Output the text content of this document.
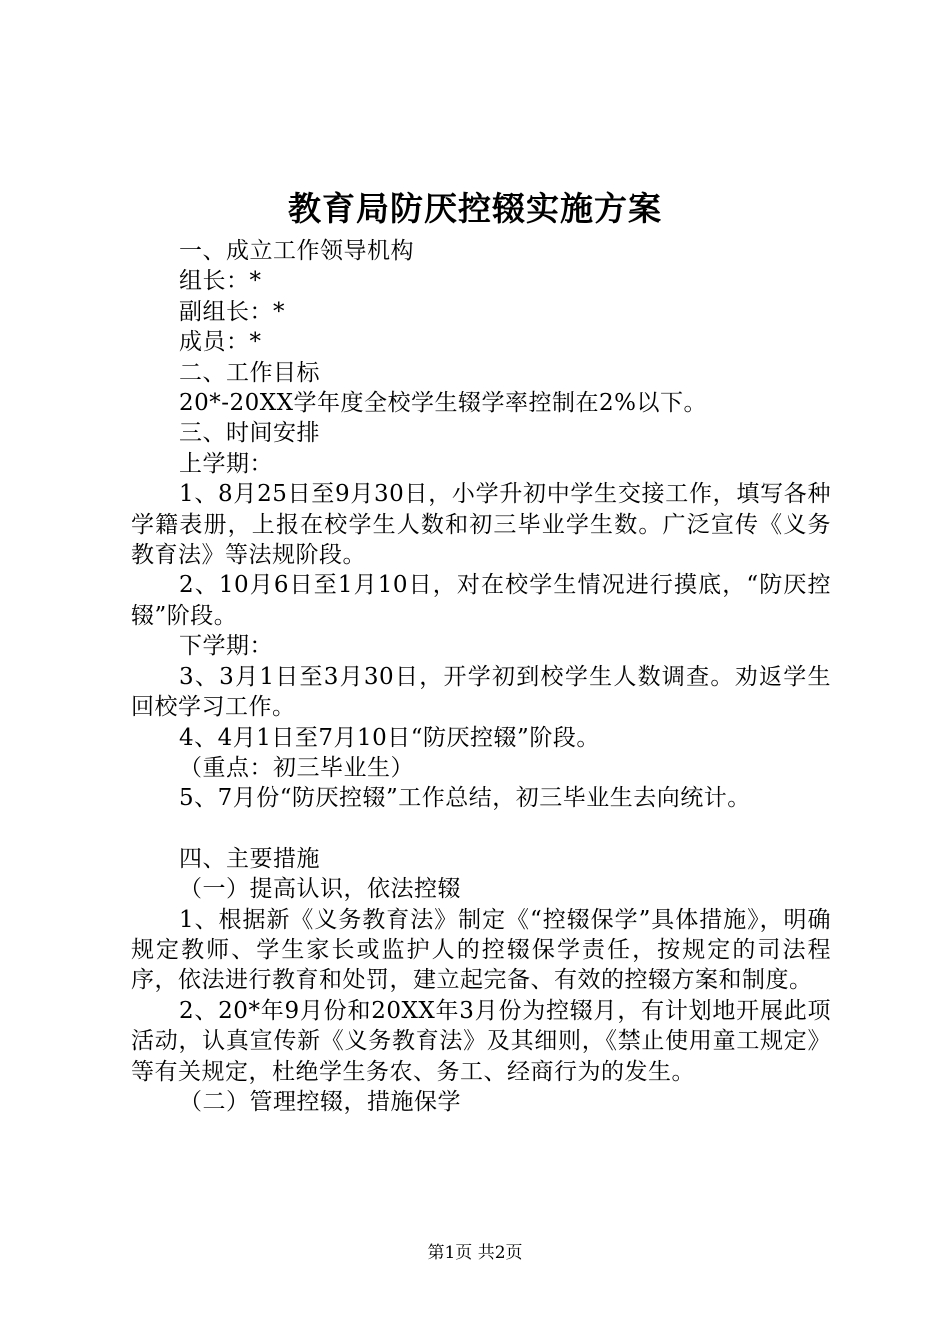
教育局防厌控辍实施方案

一、成立工作领导机构

组长：*

副组长：*

成员：*

二、工作目标

20*-20XX学年度全校学生辍学率控制在2%以下。

三、时间安排

上学期：

1、8月25日至9月30日，小学升初中学生交接工作，填写各种学籍表册，上报在校学生人数和初三毕业学生数。广泛宣传《义务教育法》等法规阶段。

2、10月6日至1月10日，对在校学生情况进行摸底，“防厌控辍”阶段。

下学期：

3、3月1日至3月30日，开学初到校学生人数调查。劝返学生回校学习工作。

4、4月1日至7月10日“防厌控辍”阶段。

（重点：初三毕业生）

5、7月份“防厌控辍”工作总结，初三毕业生去向统计。

四、主要措施

（一）提高认识，依法控辍

1、根据新《义务教育法》制定《“控辍保学”具体措施》，明确规定教师、学生家长或监护人的控辍保学责任，按规定的司法程序，依法进行教育和处罚，建立起完备、有效的控辍方案和制度。

2、20*年9月份和20XX年3月份为控辍月，有计划地开展此项活动，认真宣传新《义务教育法》及其细则，《禁止使用童工规定》等有关规定，杜绝学生务农、务工、经商行为的发生。

（二）管理控辍，措施保学

第1页 共2页
